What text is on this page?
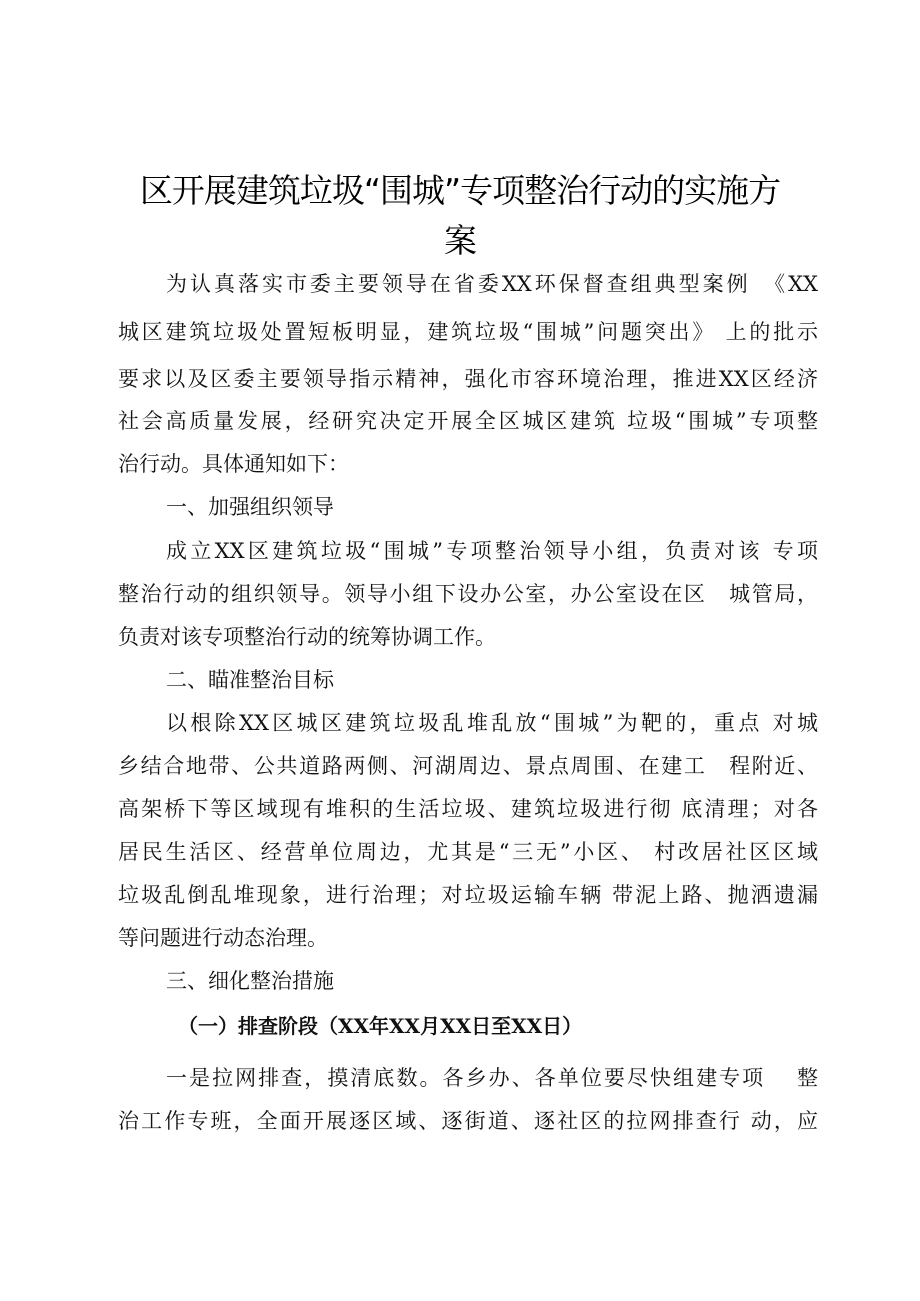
区开展建筑垃圾“围城”专项整治行动的实施方
案
为认真落实市委主要领导在省委XX环保督查组典型案例　《XX
城区建筑垃圾处置短板明显，建筑垃圾“围城”问题突出》 上的批示
要求以及区委主要领导指示精神，强化市容环境治理，推进XX区经济
社会高质量发展，经研究决定开展全区城区建筑 垃圾“围城”专项整
治行动。具体通知如下：
一、加强组织领导
成立XX区建筑垃圾“围城”专项整治领导小组，负责对该 专项
整治行动的组织领导。领导小组下设办公室，办公室设在区　城管局，
负责对该专项整治行动的统筹协调工作。
二、瞄准整治目标
以根除XX区城区建筑垃圾乱堆乱放“围城”为靶的，重点 对城
乡结合地带、公共道路两侧、河湖周边、景点周围、在建工　程附近、
高架桥下等区域现有堆积的生活垃圾、建筑垃圾进行彻 底清理；对各
居民生活区、经营单位周边，尤其是“三无”小区、 村改居社区区域
垃圾乱倒乱堆现象，进行治理；对垃圾运输车辆 带泥上路、抛洒遗漏
等问题进行动态治理。
三、细化整治措施
（一）排查阶段（XX年XX月XX日至XX日）
一是拉网排查，摸清底数。各乡办、各单位要尽快组建专项　 整
治工作专班，全面开展逐区域、逐街道、逐社区的拉网排查行 动，应
